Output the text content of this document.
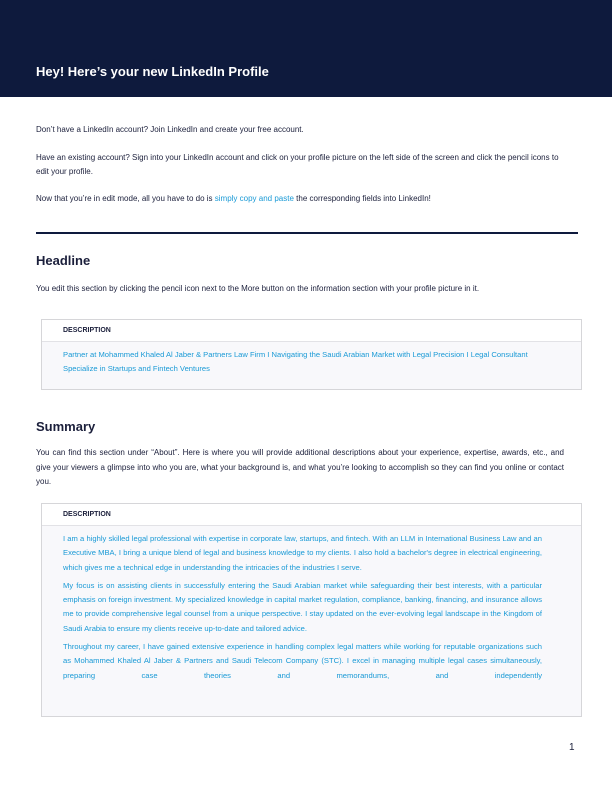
Hey! Here’s your new LinkedIn Profile

Don’t have a LinkedIn account? Join LinkedIn and create your free account.

Have an existing account? Sign into your LinkedIn account and click on your profile picture on the left side of the screen and click the pencil icons to edit your profile.

Now that you’re in edit mode, all you have to do is simply copy and paste the corresponding fields into LinkedIn!

Headline

You edit this section by clicking the pencil icon next to the More button on the information section with your profile picture in it.

DESCRIPTION

Partner at Mohammed Khaled Al Jaber & Partners Law Firm I Navigating the Saudi Arabian Market with Legal Precision I Legal Consultant Specialize in Startups and Fintech Ventures

Summary

You can find this section under “About”. Here is where you will provide additional descriptions about your experience, expertise, awards, etc., and give your viewers a glimpse into who you are, what your background is, and what you’re looking to accomplish so they can find you online or contact you.

DESCRIPTION

I am a highly skilled legal professional with expertise in corporate law, startups, and fintech. With an LLM in International Business Law and an Executive MBA, I bring a unique blend of legal and business knowledge to my clients. I also hold a bachelor's degree in electrical engineering, which gives me a technical edge in understanding the intricacies of the industries I serve.

My focus is on assisting clients in successfully entering the Saudi Arabian market while safeguarding their best interests, with a particular emphasis on foreign investment. My specialized knowledge in capital market regulation, compliance, banking, financing, and insurance allows me to provide comprehensive legal counsel from a unique perspective. I stay updated on the ever-evolving legal landscape in the Kingdom of Saudi Arabia to ensure my clients receive up-to-date and tailored advice.

Throughout my career, I have gained extensive experience in handling complex legal matters while working for reputable organizations such as Mohammed Khaled Al Jaber & Partners and Saudi Telecom Company (STC). I excel in managing multiple legal cases simultaneously, preparing case theories and memorandums, and independently

1
